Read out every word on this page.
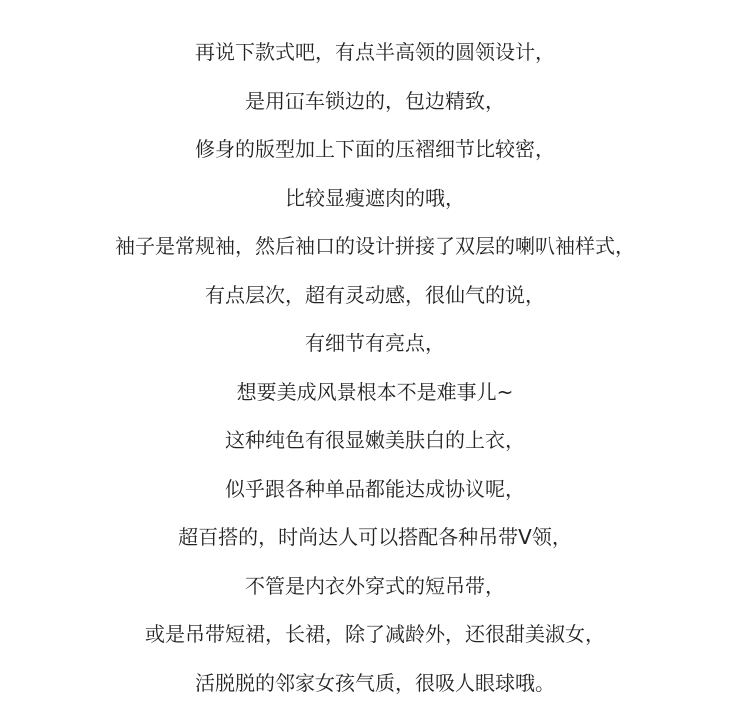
再说下款式吧，有点半高领的圆领设计，
是用冚车锁边的，包边精致，
修身的版型加上下面的压褶细节比较密，
比较显瘦遮肉的哦，
袖子是常规袖，然后袖口的设计拼接了双层的喇叭袖样式，
有点层次，超有灵动感，很仙气的说，
有细节有亮点，
想要美成风景根本不是难事儿~
这种纯色有很显嫩美肤白的上衣，
似乎跟各种单品都能达成协议呢，
超百搭的，时尚达人可以搭配各种吊带V领，
不管是内衣外穿式的短吊带，
或是吊带短裙，长裙，除了减龄外，还很甜美淑女，
活脱脱的邻家女孩气质，很吸人眼球哦。
